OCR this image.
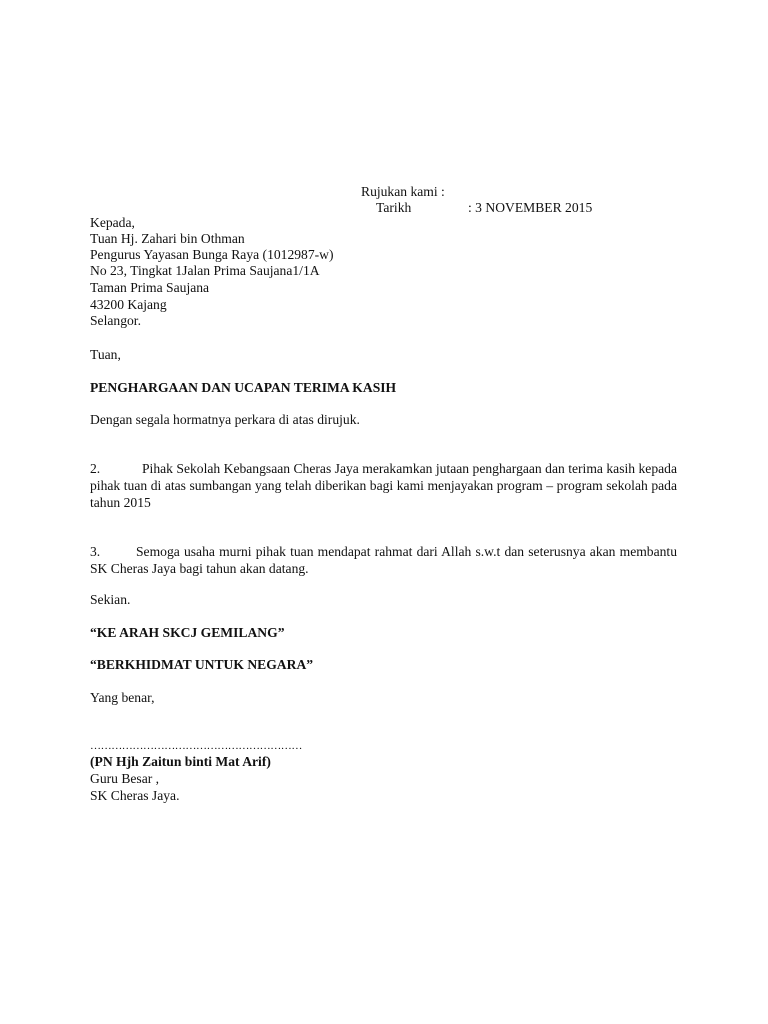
Rujukan kami :
Tarikh	: 3 NOVEMBER 2015
Kepada,
Tuan Hj. Zahari bin Othman
Pengurus Yayasan Bunga Raya (1012987-w)
No 23, Tingkat 1Jalan Prima Saujana1/1A
Taman Prima Saujana
43200 Kajang
Selangor.
Tuan,
PENGHARGAAN DAN UCAPAN TERIMA KASIH
Dengan segala hormatnya perkara di atas dirujuk.
2.	Pihak Sekolah Kebangsaan Cheras Jaya merakamkan jutaan penghargaan dan terima kasih kepada pihak tuan di atas sumbangan yang telah diberikan bagi kami menjayakan program – program sekolah pada tahun 2015
3.	Semoga usaha murni pihak tuan mendapat rahmat dari Allah s.w.t dan seterusnya akan membantu SK Cheras Jaya bagi tahun akan datang.
Sekian.
“KE ARAH SKCJ GEMILANG”
“BERKHIDMAT UNTUK NEGARA”
Yang benar,
……………………………………………………
(PN Hjh Zaitun binti Mat Arif)
Guru Besar ,
SK Cheras Jaya.
